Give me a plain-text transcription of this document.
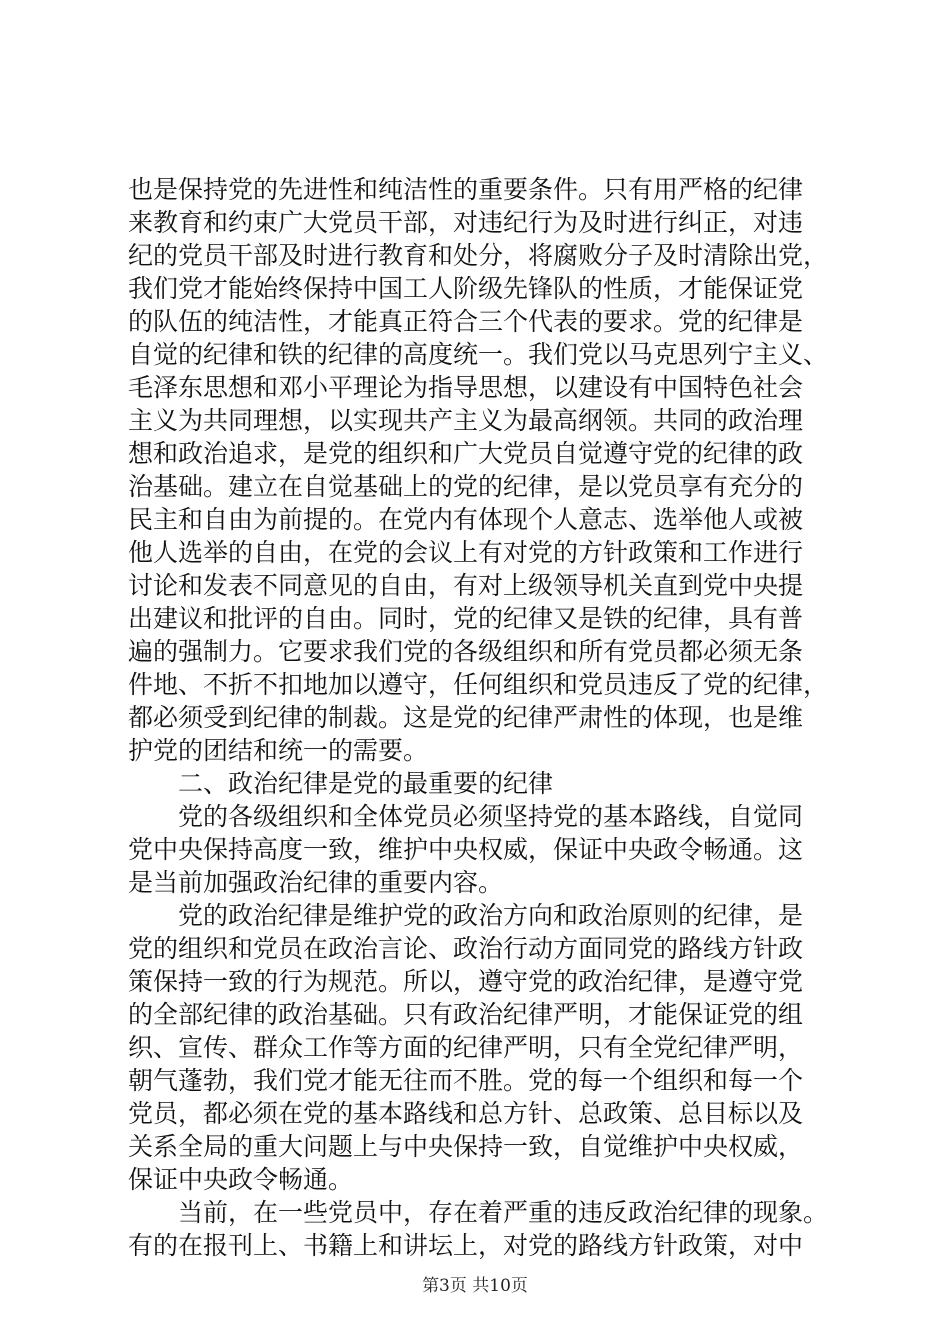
也是保持党的先进性和纯洁性的重要条件。只有用严格的纪律
来教育和约束广大党员干部，对违纪行为及时进行纠正，对违
纪的党员干部及时进行教育和处分，将腐败分子及时清除出党，
我们党才能始终保持中国工人阶级先锋队的性质，才能保证党
的队伍的纯洁性，才能真正符合三个代表的要求。党的纪律是
自觉的纪律和铁的纪律的高度统一。我们党以马克思列宁主义、
毛泽东思想和邓小平理论为指导思想，以建设有中国特色社会
主义为共同理想，以实现共产主义为最高纲领。共同的政治理
想和政治追求，是党的组织和广大党员自觉遵守党的纪律的政
治基础。建立在自觉基础上的党的纪律，是以党员享有充分的
民主和自由为前提的。在党内有体现个人意志、选举他人或被
他人选举的自由，在党的会议上有对党的方针政策和工作进行
讨论和发表不同意见的自由，有对上级领导机关直到党中央提
出建议和批评的自由。同时，党的纪律又是铁的纪律，具有普
遍的强制力。它要求我们党的各级组织和所有党员都必须无条
件地、不折不扣地加以遵守，任何组织和党员违反了党的纪律，
都必须受到纪律的制裁。这是党的纪律严肃性的体现，也是维
护党的团结和统一的需要。
二、政治纪律是党的最重要的纪律
党的各级组织和全体党员必须坚持党的基本路线，自觉同
党中央保持高度一致，维护中央权威，保证中央政令畅通。这
是当前加强政治纪律的重要内容。
党的政治纪律是维护党的政治方向和政治原则的纪律，是
党的组织和党员在政治言论、政治行动方面同党的路线方针政
策保持一致的行为规范。所以，遵守党的政治纪律，是遵守党
的全部纪律的政治基础。只有政治纪律严明，才能保证党的组
织、宣传、群众工作等方面的纪律严明，只有全党纪律严明，
朝气蓬勃，我们党才能无往而不胜。党的每一个组织和每一个
党员，都必须在党的基本路线和总方针、总政策、总目标以及
关系全局的重大问题上与中央保持一致，自觉维护中央权威，
保证中央政令畅通。
当前，在一些党员中，存在着严重的违反政治纪律的现象。
有的在报刊上、书籍上和讲坛上，对党的路线方针政策，对中
第3页 共10页
